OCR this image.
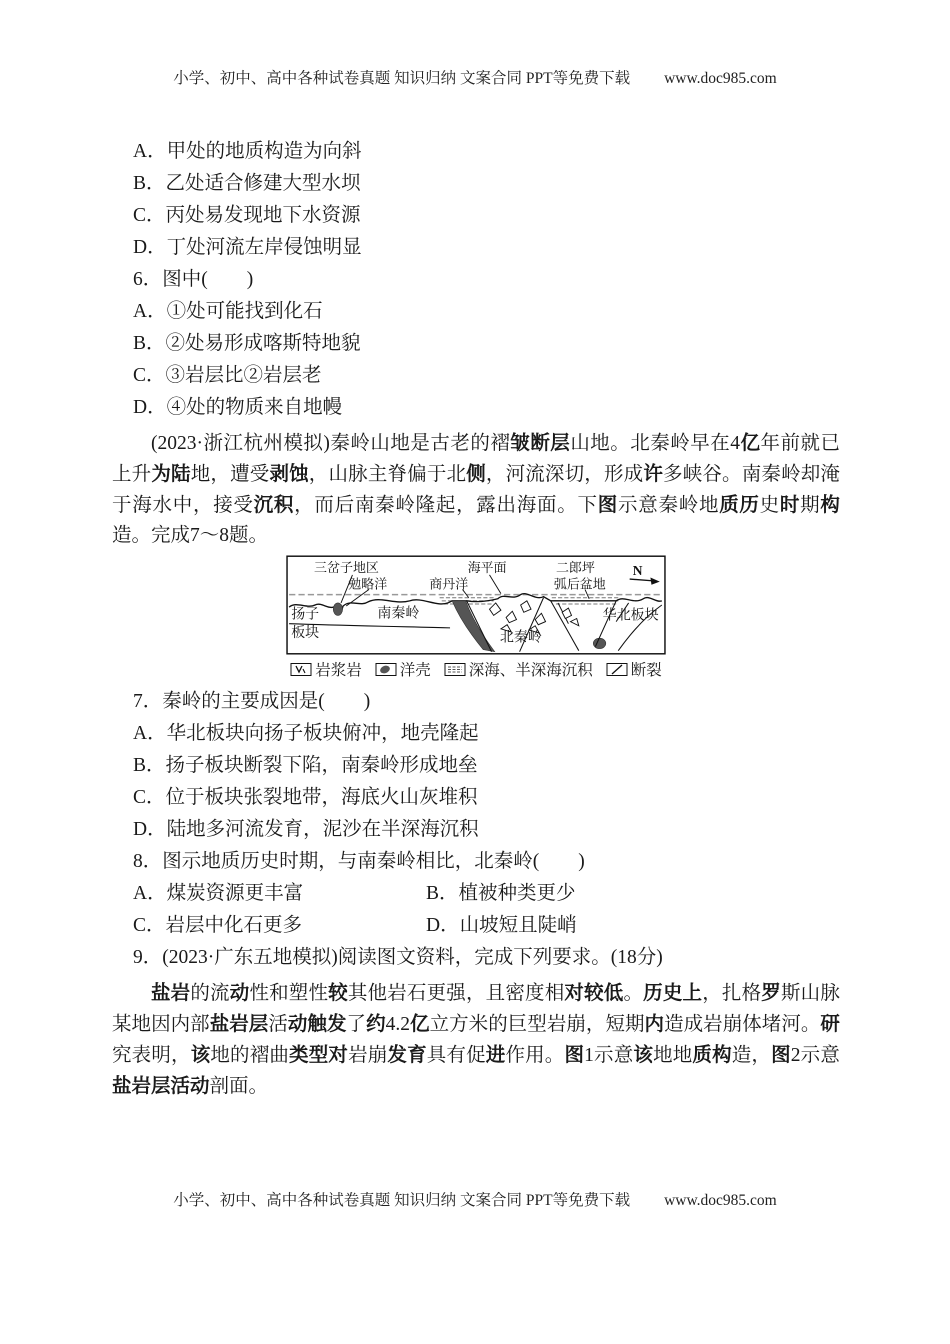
小学、初中、高中各种试卷真题 知识归纳 文案合同 PPT等免费下载 www.doc985.com
A．甲处的地质构造为向斜
B．乙处适合修建大型水坝
C．丙处易发现地下水资源
D．丁处河流左岸侵蚀明显
6．图中(　　)
A．①处可能找到化石
B．②处易形成喀斯特地貌
C．③岩层比②岩层老
D．④处的物质来自地幔
(2023·浙江杭州模拟)秦岭山地是古老的褶皱断层山地。北秦岭早在4亿年前就已上升为陆地，遭受剥蚀，山脉主脊偏于北侧，河流深切，形成许多峡谷。南秦岭却淹于海水中，接受沉积，而后南秦岭隆起，露出海面。下图示意秦岭地质历史时期构造。完成7～8题。
N
三岔子地区
勉略洋
海平面
商丹洋
二郎坪
弧后盆地
扬子
板块
南秦岭
北秦岭
华北板块
岩浆岩 洋壳 深海、半深海沉积 断裂
7．秦岭的主要成因是(　　)
A．华北板块向扬子板块俯冲，地壳隆起
B．扬子板块断裂下陷，南秦岭形成地垒
C．位于板块张裂地带，海底火山灰堆积
D．陆地多河流发育，泥沙在半深海沉积
8．图示地质历史时期，与南秦岭相比，北秦岭(　　)
A．煤炭资源更丰富	B．植被种类更少
C．岩层中化石更多	D．山坡短且陡峭
9．(2023·广东五地模拟)阅读图文资料，完成下列要求。(18分)
盐岩的流动性和塑性较其他岩石更强，且密度相对较低。历史上，扎格罗斯山脉某地因内部盐岩层活动触发了约4.2亿立方米的巨型岩崩，短期内造成岩崩体堵河。研究表明，该地的褶曲类型对岩崩发育具有促进作用。图1示意该地地质构造，图2示意盐岩层活动剖面。
小学、初中、高中各种试卷真题 知识归纳 文案合同 PPT等免费下载 www.doc985.com
